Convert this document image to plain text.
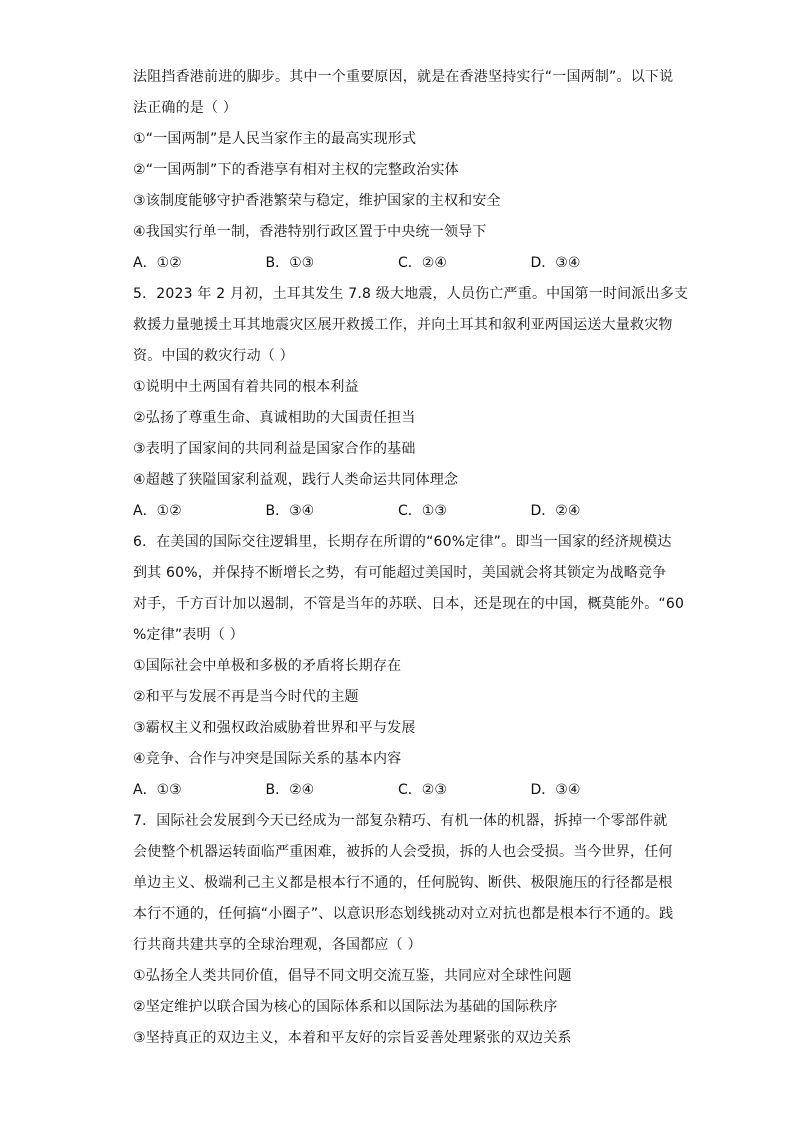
法阻挡香港前进的脚步。其中一个重要原因，就是在香港坚持实行“一国两制”。以下说
法正确的是（ ）
①“一国两制”是人民当家作主的最高实现形式
②“一国两制”下的香港享有相对主权的完整政治实体
③该制度能够守护香港繁荣与稳定，维护国家的主权和安全
④我国实行单一制，香港特别行政区置于中央统一领导下
A．①②	B．①③	C．②④	D．③④
5．2023 年 2 月初，土耳其发生 7.8 级大地震，人员伤亡严重。中国第一时间派出多支
救援力量驰援土耳其地震灾区展开救援工作，并向土耳其和叙利亚两国运送大量救灾物
资。中国的救灾行动（ ）
①说明中土两国有着共同的根本利益
②弘扬了尊重生命、真诚相助的大国责任担当
③表明了国家间的共同利益是国家合作的基础
④超越了狭隘国家利益观，践行人类命运共同体理念
A．①②	B．③④	C．①③	D．②④
6．在美国的国际交往逻辑里，长期存在所谓的“60%定律”。即当一国家的经济规模达
到其 60%，并保持不断增长之势，有可能超过美国时，美国就会将其锁定为战略竞争
对手，千方百计加以遏制，不管是当年的苏联、日本，还是现在的中国，概莫能外。“60
%定律”表明（ ）
①国际社会中单极和多极的矛盾将长期存在
②和平与发展不再是当今时代的主题
③霸权主义和强权政治威胁着世界和平与发展
④竞争、合作与冲突是国际关系的基本内容
A．①③	B．②④	C．②③	D．③④
7．国际社会发展到今天已经成为一部复杂精巧、有机一体的机器，拆掉一个零部件就
会使整个机器运转面临严重困难，被拆的人会受损，拆的人也会受损。当今世界，任何
单边主义、极端利己主义都是根本行不通的，任何脱钩、断供、极限施压的行径都是根
本行不通的，任何搞“小圈子”、以意识形态划线挑动对立对抗也都是根本行不通的。践
行共商共建共享的全球治理观，各国都应（ ）
①弘扬全人类共同价值，倡导不同文明交流互鉴，共同应对全球性问题
②坚定维护以联合国为核心的国际体系和以国际法为基础的国际秩序
③坚持真正的双边主义，本着和平友好的宗旨妥善处理紧张的双边关系
